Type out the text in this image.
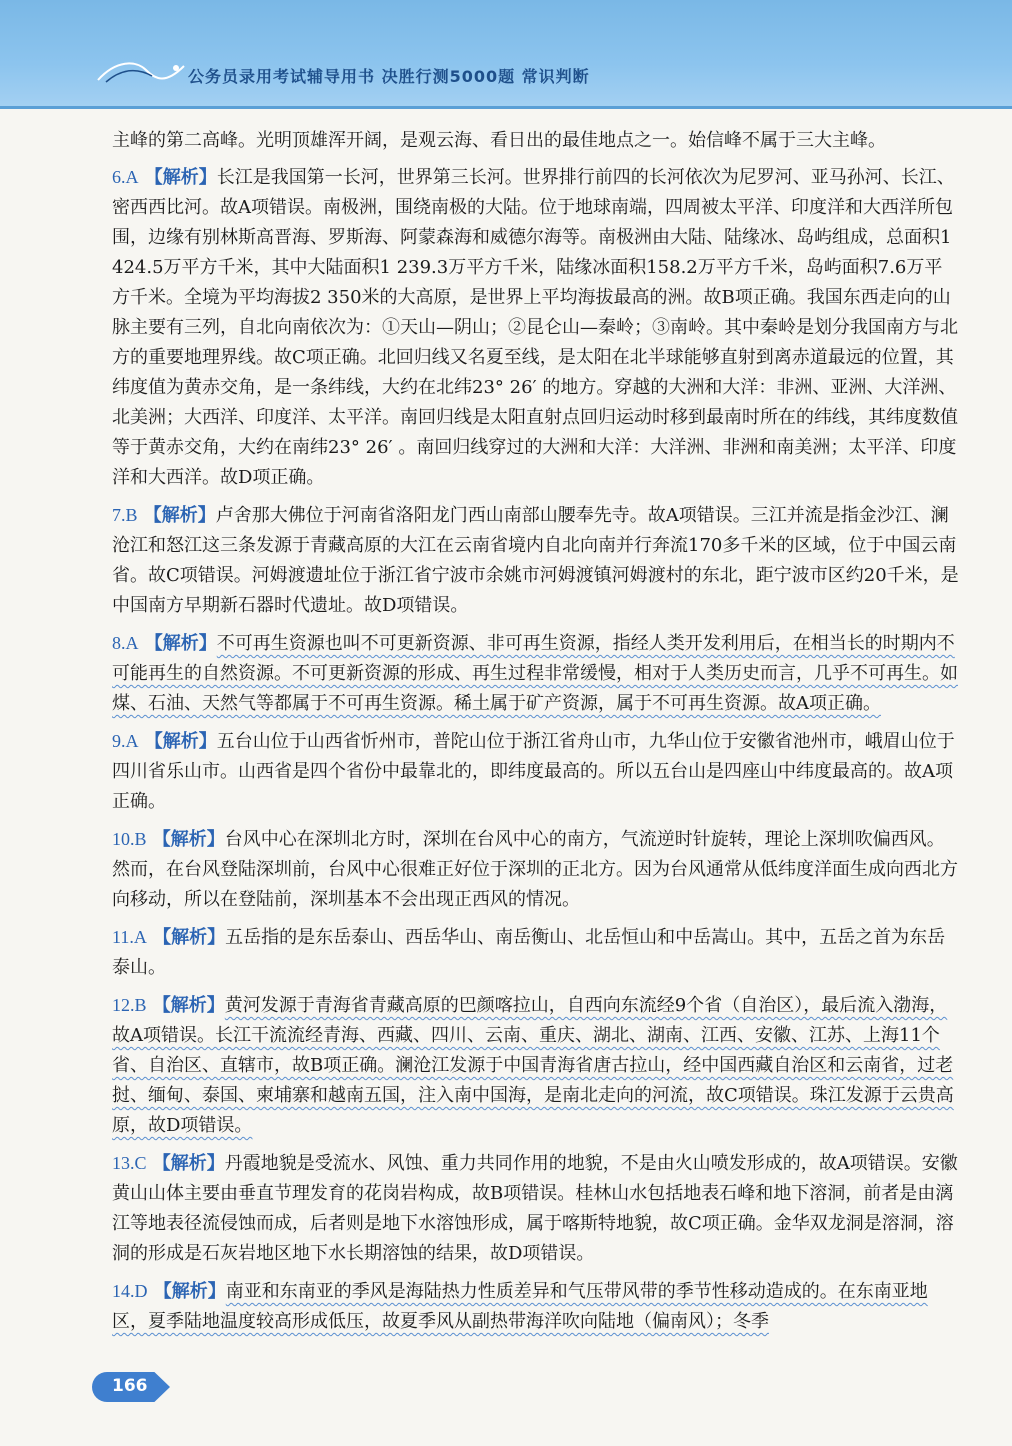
公务员录用考试辅导用书 决胜行测5000题 常识判断

主峰的第二高峰。光明顶雄浑开阔，是观云海、看日出的最佳地点之一。始信峰不属于三大主峰。

6.A 【解析】长江是我国第一长河，世界第三长河。世界排行前四的长河依次为尼罗河、亚马孙河、长江、密西西比河。故A项错误。南极洲，围绕南极的大陆。位于地球南端，四周被太平洋、印度洋和大西洋所包围，边缘有别林斯高晋海、罗斯海、阿蒙森海和威德尔海等。南极洲由大陆、陆缘冰、岛屿组成，总面积1 424.5万平方千米，其中大陆面积1 239.3万平方千米，陆缘冰面积158.2万平方千米，岛屿面积7.6万平方千米。全境为平均海拔2 350米的大高原，是世界上平均海拔最高的洲。故B项正确。我国东西走向的山脉主要有三列，自北向南依次为：①天山—阴山；②昆仑山—秦岭；③南岭。其中秦岭是划分我国南方与北方的重要地理界线。故C项正确。北回归线又名夏至线，是太阳在北半球能够直射到离赤道最远的位置，其纬度值为黄赤交角，是一条纬线，大约在北纬23° 26′ 的地方。穿越的大洲和大洋：非洲、亚洲、大洋洲、北美洲；大西洋、印度洋、太平洋。南回归线是太阳直射点回归运动时移到最南时所在的纬线，其纬度数值等于黄赤交角，大约在南纬23° 26′ 。南回归线穿过的大洲和大洋：大洋洲、非洲和南美洲；太平洋、印度洋和大西洋。故D项正确。

7.B 【解析】卢舍那大佛位于河南省洛阳龙门西山南部山腰奉先寺。故A项错误。三江并流是指金沙江、澜沧江和怒江这三条发源于青藏高原的大江在云南省境内自北向南并行奔流170多千米的区域，位于中国云南省。故C项错误。河姆渡遗址位于浙江省宁波市余姚市河姆渡镇河姆渡村的东北，距宁波市区约20千米，是中国南方早期新石器时代遗址。故D项错误。

8.A 【解析】不可再生资源也叫不可更新资源、非可再生资源，指经人类开发利用后，在相当长的时期内不可能再生的自然资源。不可更新资源的形成、再生过程非常缓慢，相对于人类历史而言，几乎不可再生。如煤、石油、天然气等都属于不可再生资源。稀土属于矿产资源，属于不可再生资源。故A项正确。

9.A 【解析】五台山位于山西省忻州市，普陀山位于浙江省舟山市，九华山位于安徽省池州市，峨眉山位于四川省乐山市。山西省是四个省份中最靠北的，即纬度最高的。所以五台山是四座山中纬度最高的。故A项正确。

10.B 【解析】台风中心在深圳北方时，深圳在台风中心的南方，气流逆时针旋转，理论上深圳吹偏西风。然而，在台风登陆深圳前，台风中心很难正好位于深圳的正北方。因为台风通常从低纬度洋面生成向西北方向移动，所以在登陆前，深圳基本不会出现正西风的情况。

11.A 【解析】五岳指的是东岳泰山、西岳华山、南岳衡山、北岳恒山和中岳嵩山。其中，五岳之首为东岳泰山。

12.B 【解析】黄河发源于青海省青藏高原的巴颜喀拉山，自西向东流经9个省（自治区），最后流入渤海，故A项错误。长江干流流经青海、西藏、四川、云南、重庆、湖北、湖南、江西、安徽、江苏、上海11个省、自治区、直辖市，故B项正确。澜沧江发源于中国青海省唐古拉山，经中国西藏自治区和云南省，过老挝、缅甸、泰国、柬埔寨和越南五国，注入南中国海，是南北走向的河流，故C项错误。珠江发源于云贵高原，故D项错误。

13.C 【解析】丹霞地貌是受流水、风蚀、重力共同作用的地貌，不是由火山喷发形成的，故A项错误。安徽黄山山体主要由垂直节理发育的花岗岩构成，故B项错误。桂林山水包括地表石峰和地下溶洞，前者是由漓江等地表径流侵蚀而成，后者则是地下水溶蚀形成，属于喀斯特地貌，故C项正确。金华双龙洞是溶洞，溶洞的形成是石灰岩地区地下水长期溶蚀的结果，故D项错误。

14.D 【解析】南亚和东南亚的季风是海陆热力性质差异和气压带风带的季节性移动造成的。在东南亚地区，夏季陆地温度较高形成低压，故夏季风从副热带海洋吹向陆地（偏南风）；冬季

166
